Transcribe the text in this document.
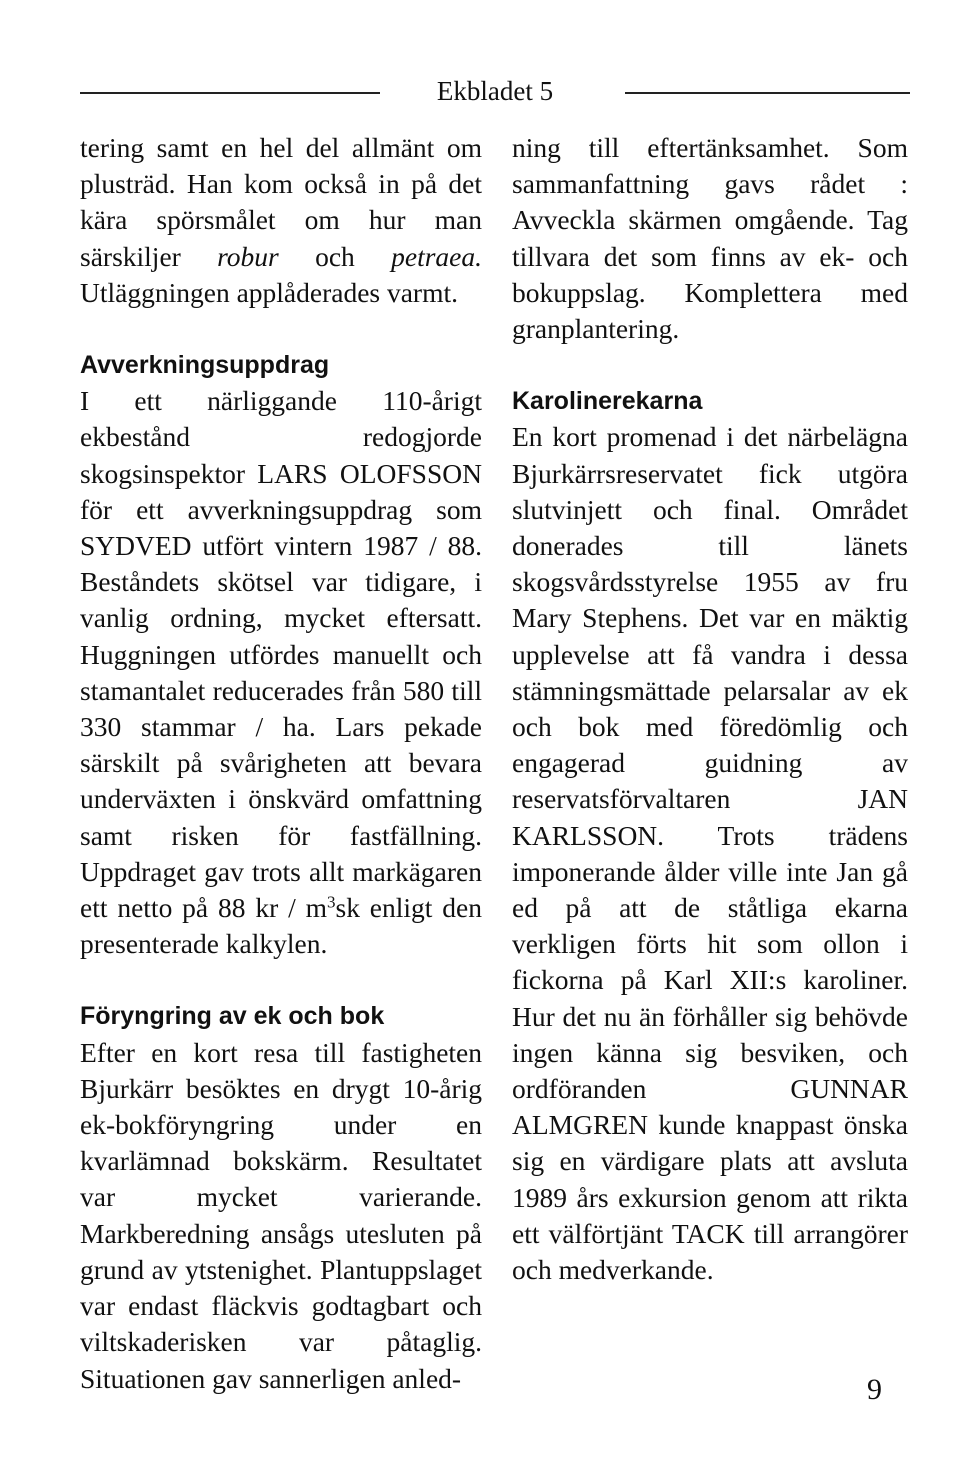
Ekbladet 5

tering samt en hel del allmänt om plusträd. Han kom också in på det kära spörsmålet om hur man särskiljer robur och petraea. Utläggningen applåderades varmt.

Avverkningsuppdrag

I ett närliggande 110-årigt ekbestånd redogjorde skogsinspektor LARS OLOFSSON för ett avverkningsuppdrag som SYDVED utfört vintern 1987 / 88. Beståndets skötsel var tidigare, i vanlig ordning, mycket eftersatt. Huggningen utfördes manuellt och stamantalet reducerades från 580 till 330 stammar / ha. Lars pekade särskilt på svårigheten att bevara underväxten i önskvärd omfattning samt risken för fastfällning. Uppdraget gav trots allt markägaren ett netto på 88 kr / $m^3sk$ enligt den presenterade kalkylen.

Föryngring av ek och bok

Efter en kort resa till fastigheten Bjurkärr besöktes en drygt 10-årig ek-bokföryngring under en kvarlämnad bokskärm. Resultatet var mycket varierande. Markberedning ansågs utesluten på grund av ytstenighet. Plantuppslaget var endast fläckvis godtagbart och viltskaderisken var påtaglig. Situationen gav sannerligen anled-

ning till eftertänksamhet. Som sammanfattning gavs rådet : Avveckla skärmen omgående. Tag tillvara det som finns av ek- och bokuppslag. Komplettera med granplantering.

Karolinerekarna

En kort promenad i det närbelägna Bjurkärrsreservatet fick utgöra slutvinjett och final. Området donerades till länets skogsvårdsstyrelse 1955 av fru Mary Stephens. Det var en mäktig upplevelse att få vandra i dessa stämningsmättade pelarsalar av ek och bok med föredömlig och engagerad guidning av reservatsförvaltaren JAN KARLSSON. Trots trädens imponerande ålder ville inte Jan gå ed på att de ståtliga ekarna verkligen förts hit som ollon i fickorna på Karl XII:s karoliner. Hur det nu än förhåller sig behövde ingen känna sig besviken, och ordföranden GUNNAR ALMGREN kunde knappast önska sig en värdigare plats att avsluta 1989 års exkursion genom att rikta ett välförtjänt TACK till arrangörer och medverkande.

9
